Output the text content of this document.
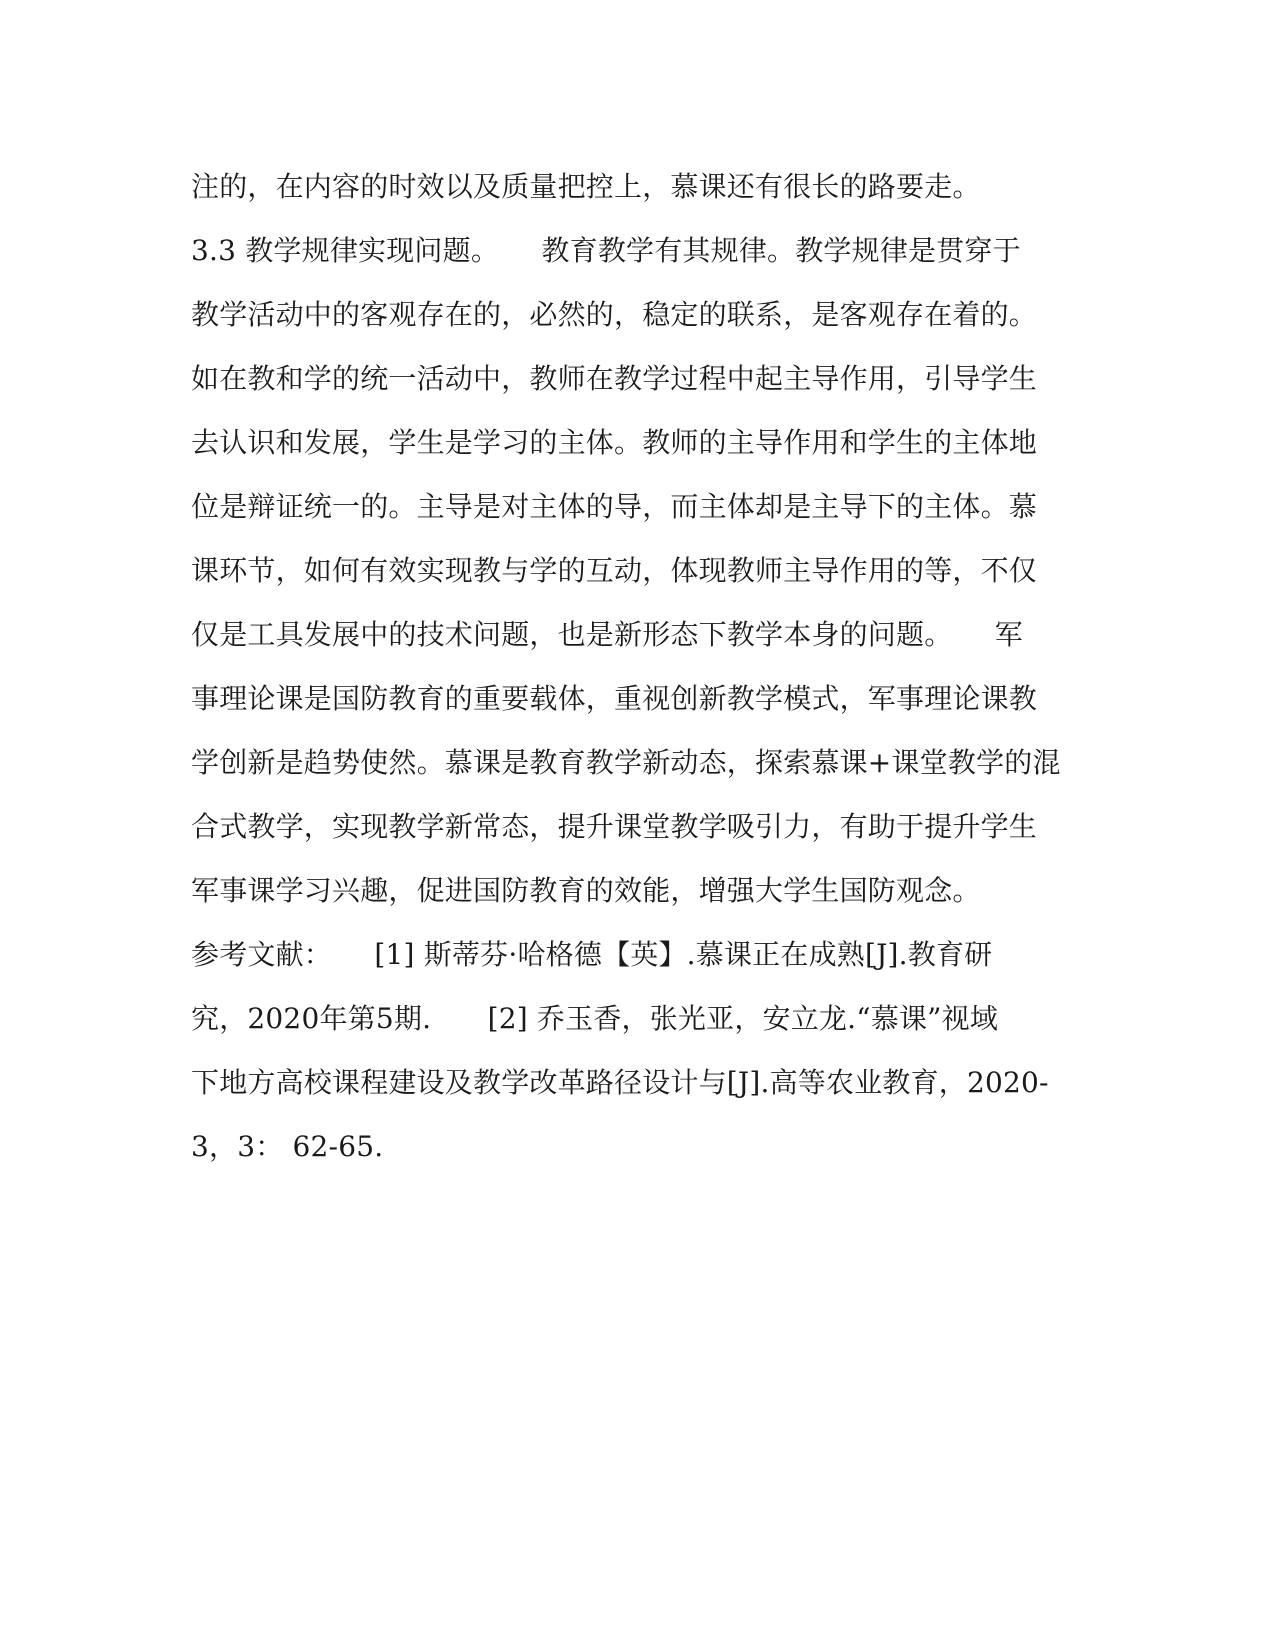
注的，在内容的时效以及质量把控上，慕课还有很长的路要走。
3.3 教学规律实现问题。　　教育教学有其规律。教学规律是贯穿于
教学活动中的客观存在的，必然的，稳定的联系，是客观存在着的。
如在教和学的统一活动中，教师在教学过程中起主导作用，引导学生
去认识和发展，学生是学习的主体。教师的主导作用和学生的主体地
位是辩证统一的。主导是对主体的导，而主体却是主导下的主体。慕
课环节，如何有效实现教与学的互动，体现教师主导作用的等，不仅
仅是工具发展中的技术问题，也是新形态下教学本身的问题。　　军
事理论课是国防教育的重要载体，重视创新教学模式，军事理论课教
学创新是趋势使然。慕课是教育教学新动态，探索慕课+课堂教学的混
合式教学，实现教学新常态，提升课堂教学吸引力，有助于提升学生
军事课学习兴趣，促进国防教育的效能，增强大学生国防观念。
参考文献：　　[1] 斯蒂芬·哈格德【英】.慕课正在成熟[J].教育研
究，2020年第5期.　　[2] 乔玉香，张光亚，安立龙.“慕课”视域
下地方高校课程建设及教学改革路径设计与[J].高等农业教育，2020-
3，3： 62-65.
